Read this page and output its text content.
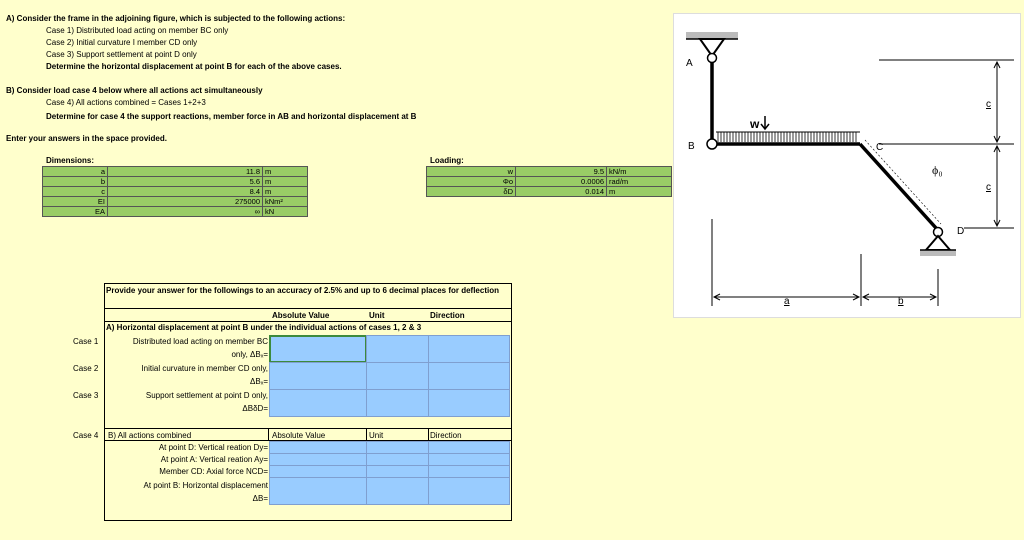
A) Consider the frame in the adjoining figure, which is subjected to the following actions:
Case 1) Distributed load acting on member BC only
Case 2) Initial curvature I member CD only
Case 3) Support settlement at point D only
Determine the horizontal displacement at point B for each of the above cases.
B) Consider load case 4 below where all actions act simultaneously
Case 4) All actions combined = Cases 1+2+3
Determine for case 4 the support reactions, member force in AB and horizontal displacement at B
Enter your answers in the space provided.
Dimensions:
a	11.8	m
b	5.6	m
c	8.4	m
EI	275000	kNm²
EA	∞	kN
Loading:
w	9.5	kN/m
Φo	0.0006	rad/m
δD	0.014	m
Provide your answer for the followings to an accuracy of 2.5% and up to 6 decimal places for deflection
Absolute Value	Unit	Direction
A) Horizontal displacement at point B under the individual actions of cases 1, 2 & 3
Case 1	Distributed load acting on member BC
only, ΔBₓ=
Case 2	Initial curvature in member CD only,
ΔBₓ=
Case 3	Support settlement at point D only,
ΔBδD=
Case 4 B) All actions combined	Absolute Value	Unit	Direction
At point D: Vertical reation Dy=
At point A: Vertical reation Ay=
Member CD: Axial force NCD=
At point B: Horizontal displacement
ΔB=
A
B	C
D
w
ϕ₀
a	b
c
c
